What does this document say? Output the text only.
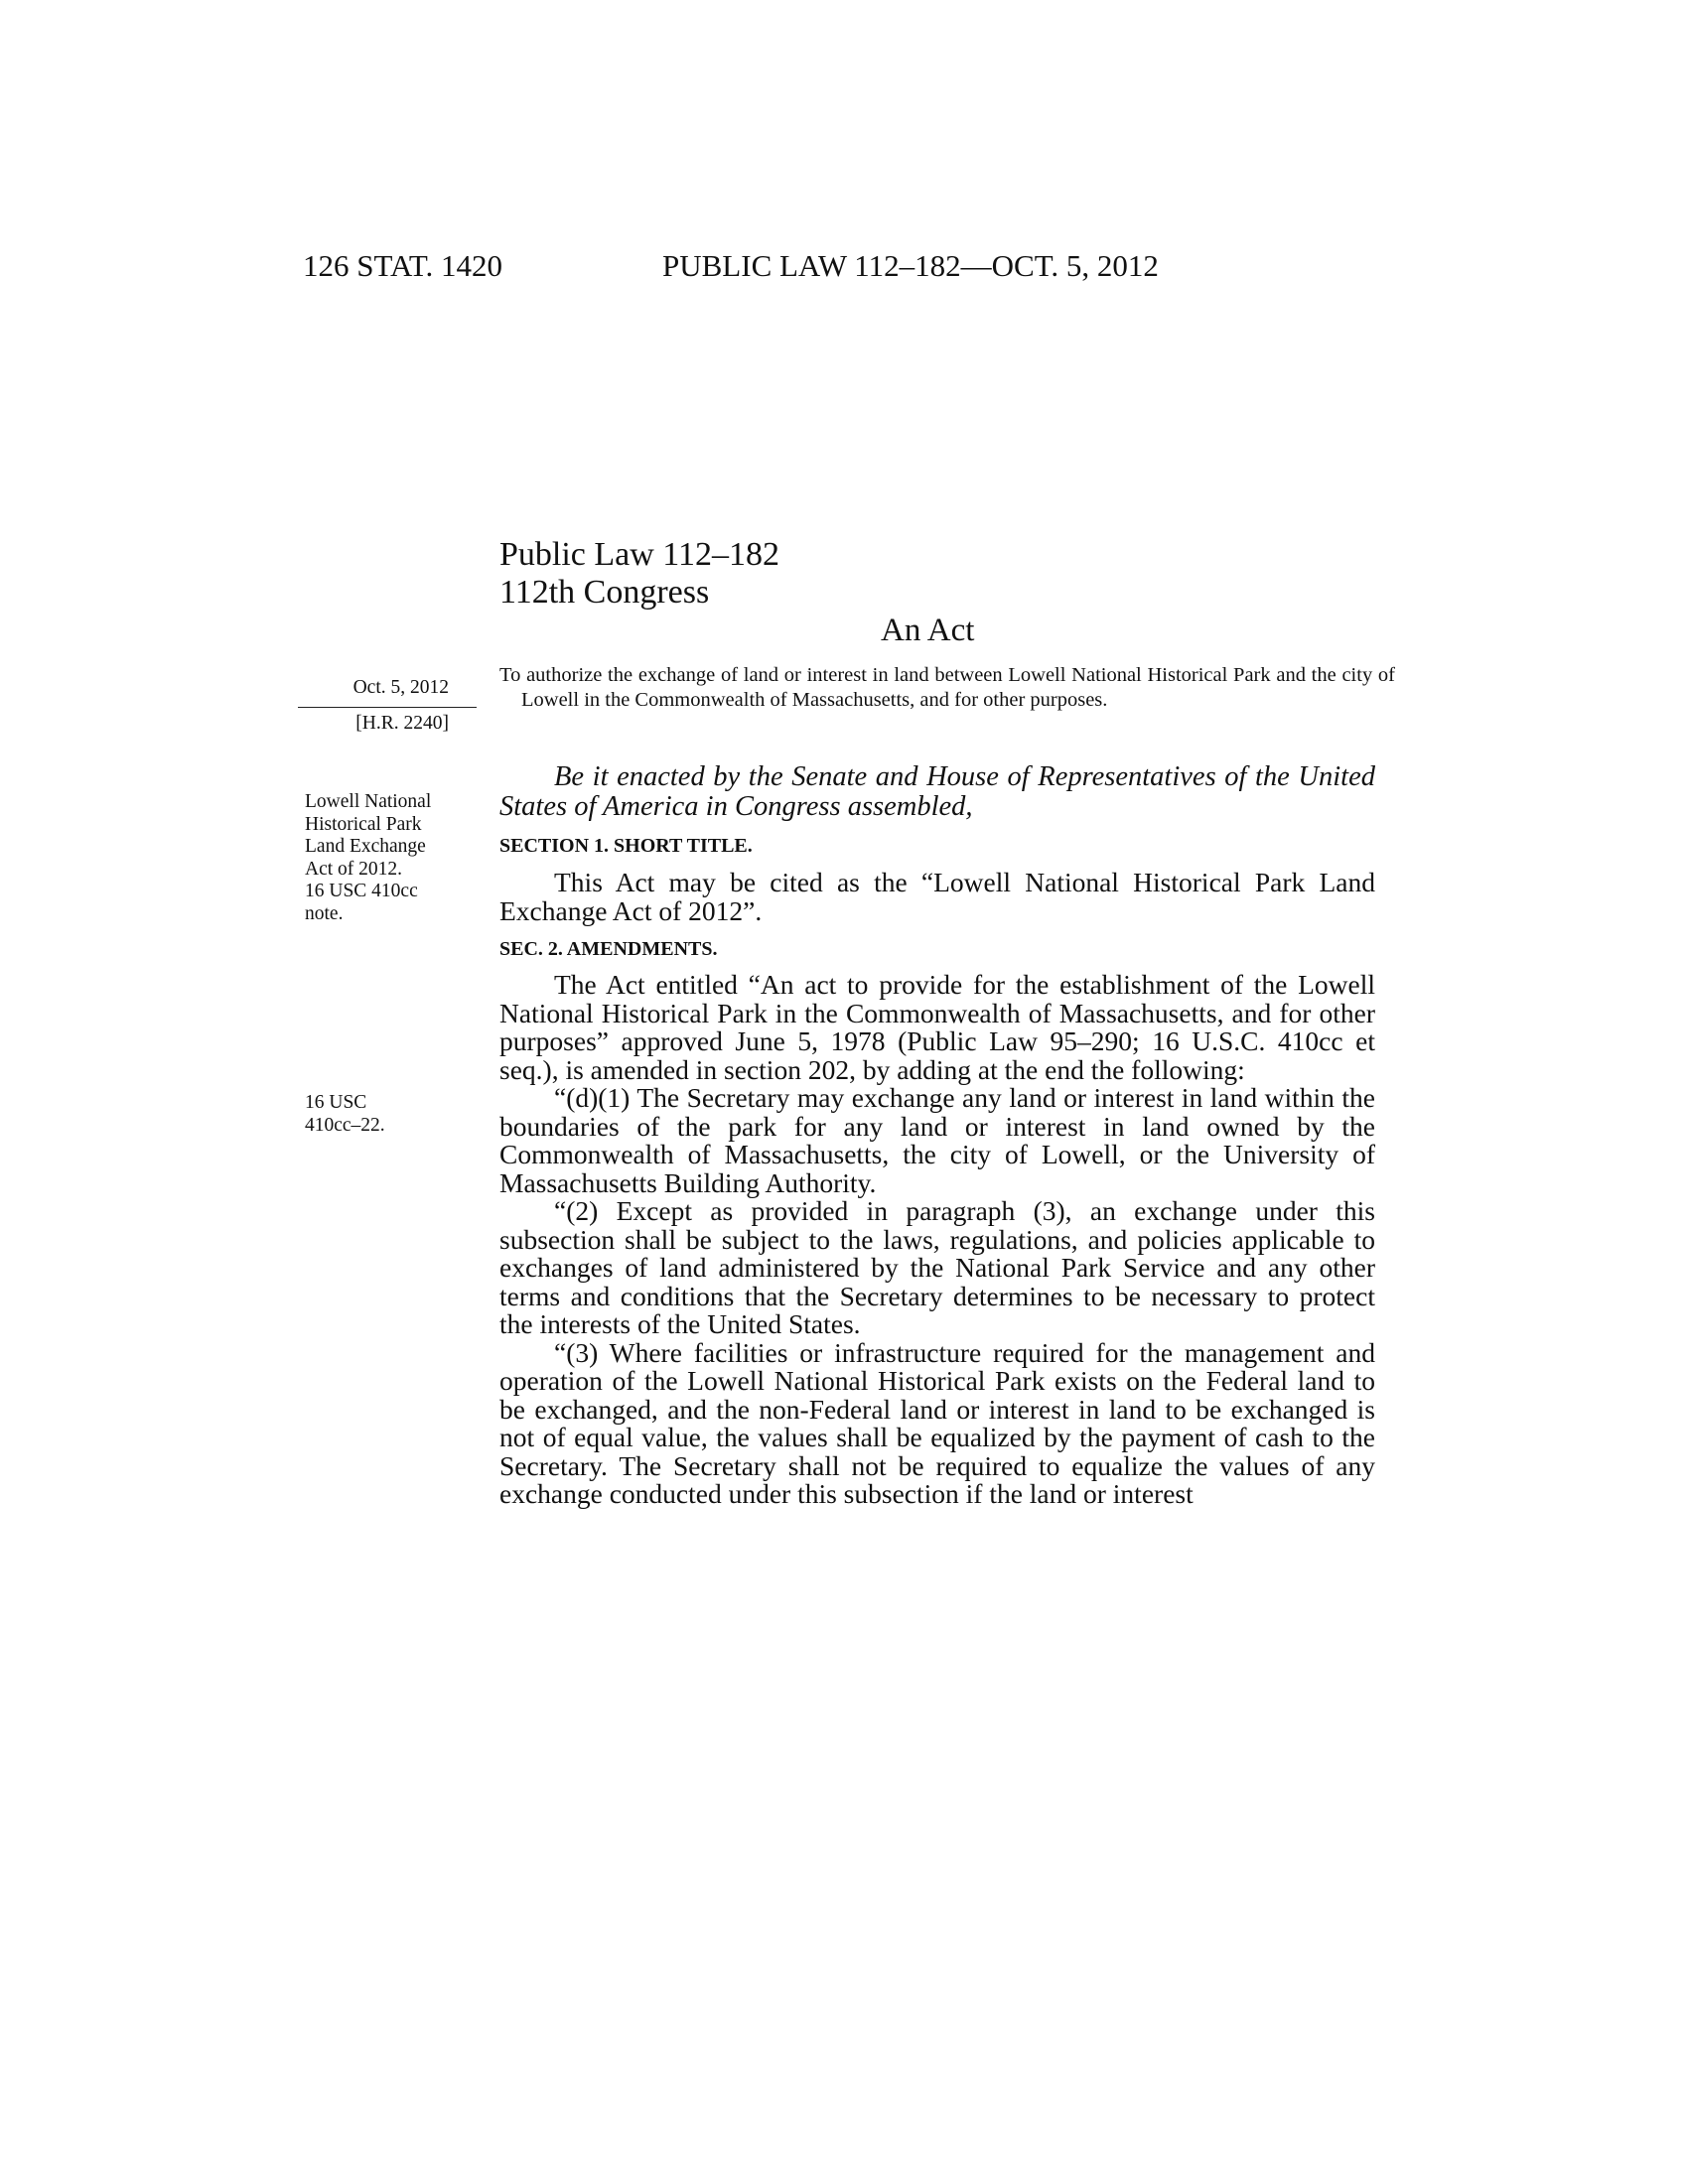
126 STAT. 1420	PUBLIC LAW 112–182—OCT. 5, 2012
Public Law 112–182
112th Congress
An Act
To authorize the exchange of land or interest in land between Lowell National Historical Park and the city of Lowell in the Commonwealth of Massachusetts, and for other purposes.
Oct. 5, 2012
[H.R. 2240]
Lowell National
Historical Park
Land Exchange
Act of 2012.
16 USC 410cc
note.
16 USC
410cc–22.
Be it enacted by the Senate and House of Representatives of the United States of America in Congress assembled,
SECTION 1. SHORT TITLE.
This Act may be cited as the “Lowell National Historical Park Land Exchange Act of 2012”.
SEC. 2. AMENDMENTS.

The Act entitled “An act to provide for the establishment of the Lowell National Historical Park in the Commonwealth of Massachusetts, and for other purposes” approved June 5, 1978 (Public Law 95–290; 16 U.S.C. 410cc et seq.), is amended in section 202, by adding at the end the following:

“(d)(1) The Secretary may exchange any land or interest in land within the boundaries of the park for any land or interest in land owned by the Commonwealth of Massachusetts, the city of Lowell, or the University of Massachusetts Building Authority.

“(2) Except as provided in paragraph (3), an exchange under this subsection shall be subject to the laws, regulations, and policies applicable to exchanges of land administered by the National Park Service and any other terms and conditions that the Secretary determines to be necessary to protect the interests of the United States.

“(3) Where facilities or infrastructure required for the management and operation of the Lowell National Historical Park exists on the Federal land to be exchanged, and the non-Federal land or interest in land to be exchanged is not of equal value, the values shall be equalized by the payment of cash to the Secretary. The Secretary shall not be required to equalize the values of any exchange conducted under this subsection if the land or interest
